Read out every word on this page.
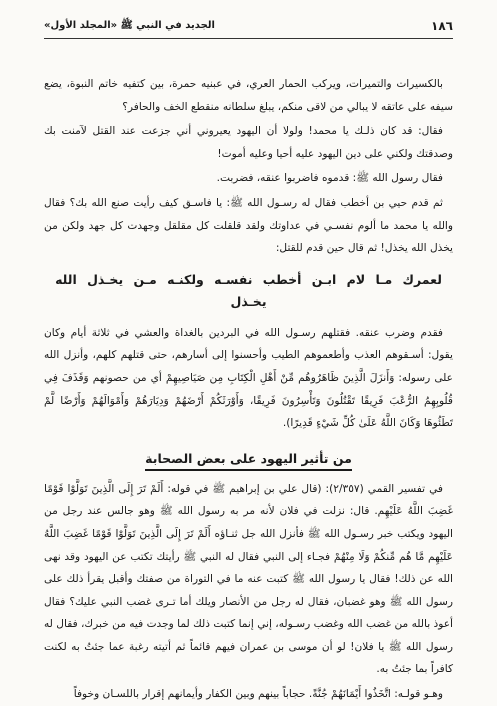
١٨٦
الجديد في النبي ﷺ «المجلد الأول»

بالكسيرات والتميرات، ويركب الحمار العري، في عبنيه حمرة، بين كتفيه خاتم النبوة، يضع سيفه على عاتقه لا يبالي من لاقى منكم، يبلغ سلطانه منقطع الخف والحافر؟

فقال: قد كان ذلـك يا محمد! ولولا أن اليهود يعيروني أني جزعت عند القتل لآمنت بك وصدقتك ولكني على دين اليهود عليه أحيا وعليه أموت!

فقال رسول الله ﷺ: قدموه فاضربوا عنقه، فضربت.

ثم قدم حيي بن أخطب فقال له رسـول الله ﷺ: يا فاسـق كيف رأيت صنع الله بك؟ فقال والله يا محمد ما ألوم نفسـي في عداوتك ولقد قلقلت كل مقلقل وجهدت كل جهد ولكن من يخذل الله يخذل! ثم قال حين قدم للقتل:

لعمرك مـا لام ابـن أخطب نفسـه ولكنـه مـن يخـذل الله يخـذل

فقدم وضرب عنقه. فقتلهم رسـول الله في البردين بالغداة والعشي في ثلاثة أيام وكان يقول: أسـقوهم العذب وأطعموهم الطيب وأحسنوا إلى أسارهم، حتى قتلهم كلهم، وأنزل الله على رسوله: وَأَنزَلَ الَّذِينَ ظَاهَرُوهُم مِّنْ أَهْلِ الْكِتَابِ مِن صَيَاصِيهِمْ أي من حصونهم وَقَذَفَ فِي قُلُوبِهِمُ الرُّعْبَ فَرِيقًا تَقْتُلُونَ وَتَأْسِرُونَ فَرِيقًا، وَأَوْرَثَكُمْ أَرْضَهُمْ وَدِيَارَهُمْ وَأَمْوَالَهُمْ وَأَرْضًا لَّمْ تَطَئُوهَا وَكَانَ اللَّهُ عَلَىٰ كُلِّ شَيْءٍ قَدِيرًا).

من تأثير اليهود على بعض الصحابة

في تفسير القمي (٢/٣٥٧): (قال علي بن إبراهيم ﷺ في قوله: أَلَمْ تَرَ إِلَى الَّذِينَ تَوَلَّوْا قَوْمًا غَضِبَ اللَّهُ عَلَيْهِم. قال: نزلت في فلان لأنه مر به رسول الله ﷺ وهو جالس عند رجل من اليهود ويكتب خبر رسـول الله ﷺ فأنزل الله جل ثنـاؤه أَلَمْ تَرَ إِلَى الَّذِينَ تَوَلَّوْا قَوْمًا غَضِبَ اللَّهُ عَلَيْهِم مَّا هُم مِّنكُمْ وَلَا مِنْهُمْ فجـاء إلى النبي فقال له النبي ﷺ رأيتك تكتب عن اليهود وقد نهى الله عن ذلك! فقال يا رسول الله ﷺ كتبت عنه ما في التوراة من صفتك وأقبل يقرأ ذلك على رسول الله ﷺ وهو غضبان، فقال له رجل من الأنصار ويلك أما تـرى غضب النبي عليك؟ فقال أعوذ بالله من غضب الله وغضب رسـوله، إني إنما كتبت ذلك لما وجدت فيه من خبرك، فقال له رسول الله ﷺ يا فلان! لو أن موسى بن عمران فيهم قائماً ثم أتيته رغبة عما جئتُ به لكنت كافراً بما جئتُ به.

وهـو قولـه: اتَّخَذُوا أَيْمَانَهُمْ جُنَّةً. حجاباً بينهم وبين الكفار وأيمانهم إقرار باللسـان وخوفاً
